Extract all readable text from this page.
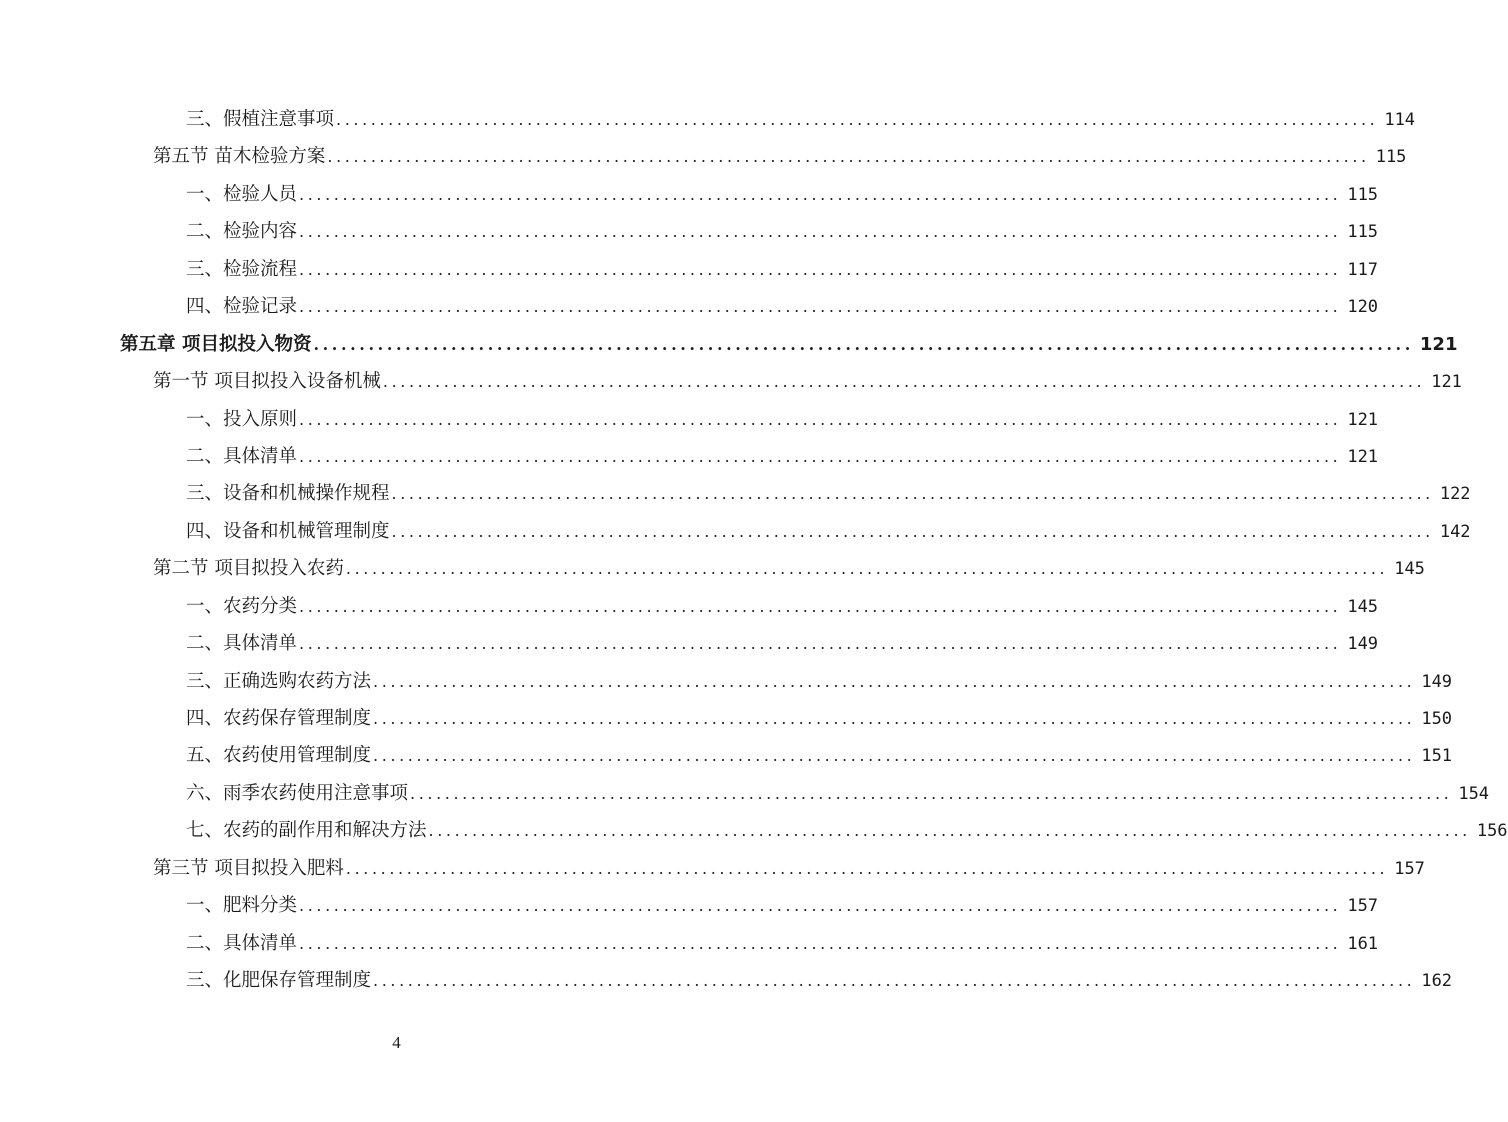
三、假植注意事项 ........................................................................................................................ 114
第五节 苗木检验方案 ........................................................................................................................ 115
一、检验人员 ........................................................................................................................ 115
二、检验内容 ........................................................................................................................ 115
三、检验流程 ........................................................................................................................ 117
四、检验记录 ........................................................................................................................ 120
第五章 项目拟投入物资 ........................................................................................................................ 121
第一节 项目拟投入设备机械 ........................................................................................................................ 121
一、投入原则 ........................................................................................................................ 121
二、具体清单 ........................................................................................................................ 121
三、设备和机械操作规程 ........................................................................................................................ 122
四、设备和机械管理制度 ........................................................................................................................ 142
第二节 项目拟投入农药 ........................................................................................................................ 145
一、农药分类 ........................................................................................................................ 145
二、具体清单 ........................................................................................................................ 149
三、正确选购农药方法 ........................................................................................................................ 149
四、农药保存管理制度 ........................................................................................................................ 150
五、农药使用管理制度 ........................................................................................................................ 151
六、雨季农药使用注意事项 ........................................................................................................................ 154
七、农药的副作用和解决方法 ........................................................................................................................ 156
第三节 项目拟投入肥料 ........................................................................................................................ 157
一、肥料分类 ........................................................................................................................ 157
二、具体清单 ........................................................................................................................ 161
三、化肥保存管理制度 ........................................................................................................................ 162
4
